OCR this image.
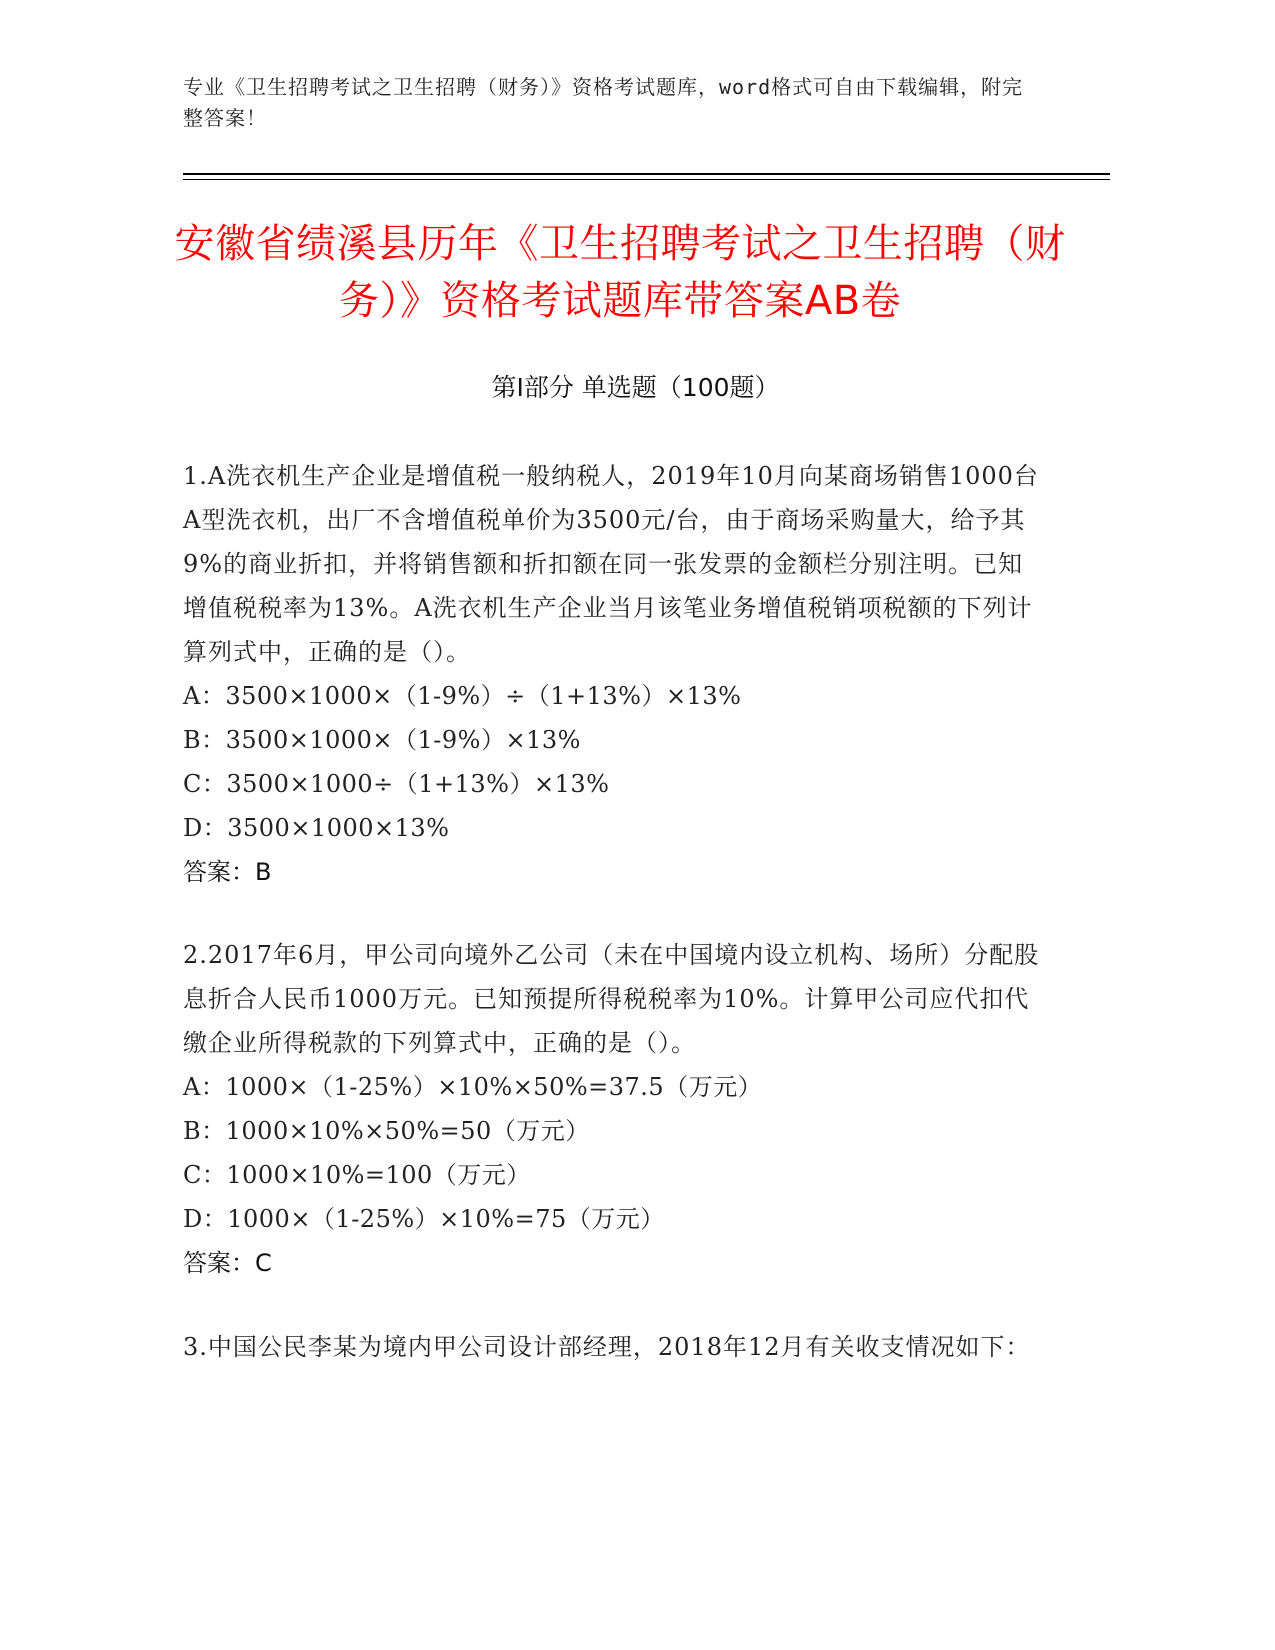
专业《卫生招聘考试之卫生招聘（财务）》资格考试题库，word格式可自由下载编辑，附完整答案！
安徽省绩溪县历年《卫生招聘考试之卫生招聘（财务）》资格考试题库带答案AB卷
第Ⅰ部分 单选题（100题）
1.A洗衣机生产企业是增值税一般纳税人，2019年10月向某商场销售1000台A型洗衣机，出厂不含增值税单价为3500元/台，由于商场采购量大，给予其9%的商业折扣，并将销售额和折扣额在同一张发票的金额栏分别注明。已知增值税税率为13%。A洗衣机生产企业当月该笔业务增值税销项税额的下列计算列式中，正确的是（）。
A：3500×1000×（1-9%）÷（1+13%）×13%
B：3500×1000×（1-9%）×13%
C：3500×1000÷（1+13%）×13%
D：3500×1000×13%
答案：B
2.2017年6月，甲公司向境外乙公司（未在中国境内设立机构、场所）分配股息折合人民币1000万元。已知预提所得税税率为10%。计算甲公司应代扣代缴企业所得税款的下列算式中，正确的是（）。
A：1000×（1-25%）×10%×50%=37.5（万元）
B：1000×10%×50%=50（万元）
C：1000×10%=100（万元）
D：1000×（1-25%）×10%=75（万元）
答案：C
3.中国公民李某为境内甲公司设计部经理，2018年12月有关收支情况如下：
